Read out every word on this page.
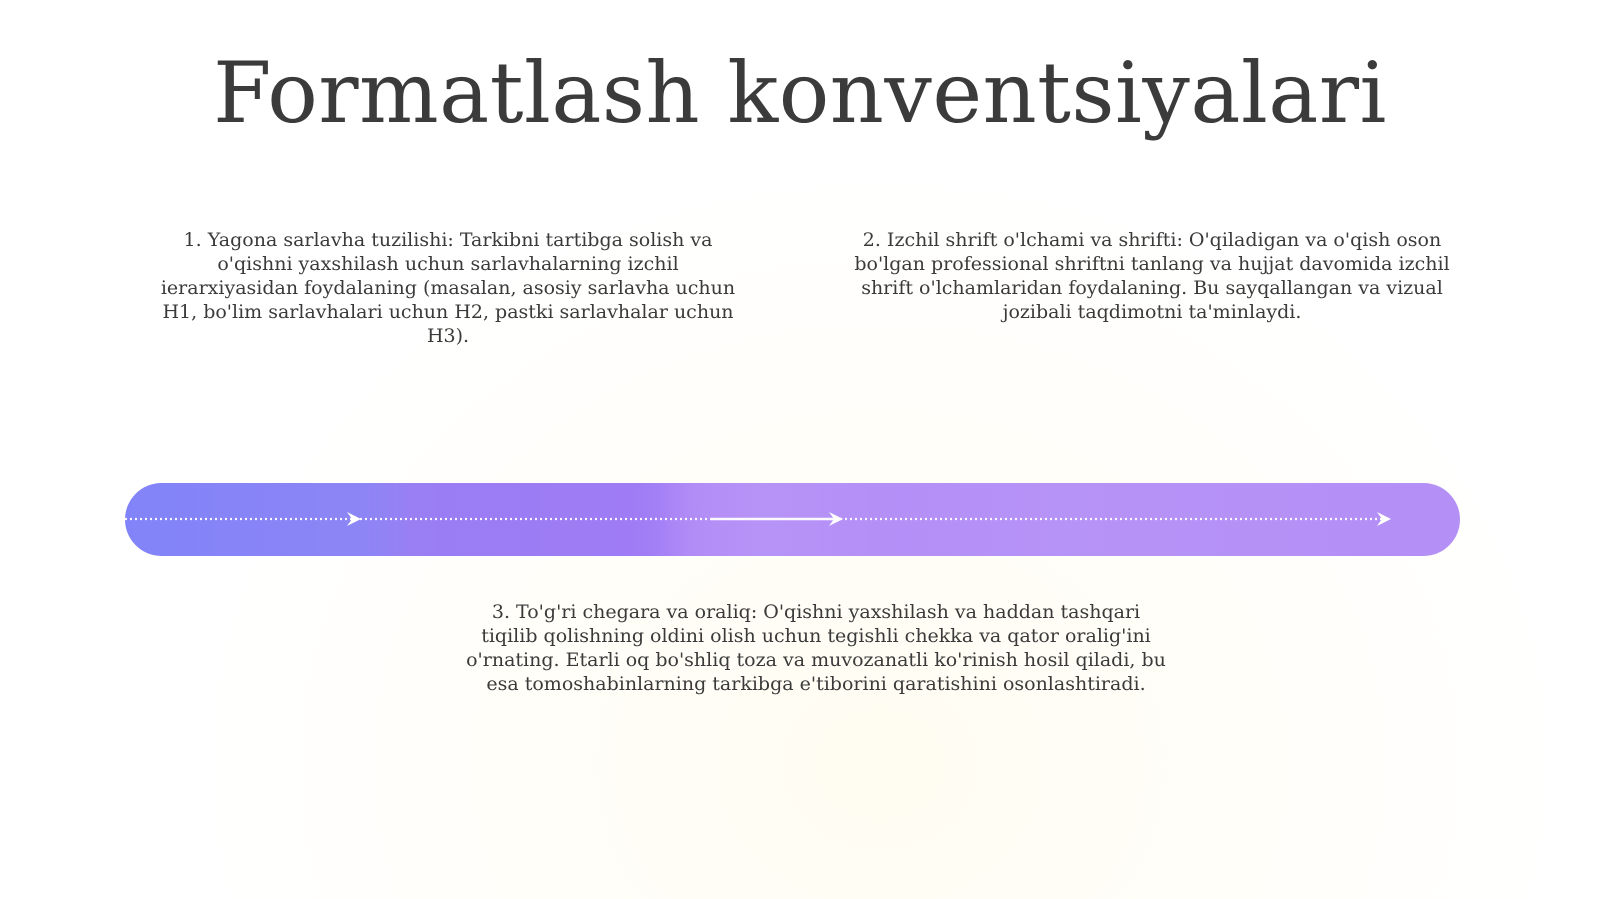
Formatlash konventsiyalari

1. Yagona sarlavha tuzilishi: Tarkibni tartibga solish va o'qishni yaxshilash uchun sarlavhalarning izchil ierarxiyasidan foydalaning (masalan, asosiy sarlavha uchun H1, bo'lim sarlavhalari uchun H2, pastki sarlavhalar uchun H3).

2. Izchil shrift o'lchami va shrifti: O'qiladigan va o'qish oson bo'lgan professional shriftni tanlang va hujjat davomida izchil shrift o'lchamlaridan foydalaning. Bu sayqallangan va vizual jozibali taqdimotni ta'minlaydi.

3. To'g'ri chegara va oraliq: O'qishni yaxshilash va haddan tashqari tiqilib qolishning oldini olish uchun tegishli chekka va qator oralig'ini o'rnating. Etarli oq bo'shliq toza va muvozanatli ko'rinish hosil qiladi, bu esa tomoshabinlarning tarkibga e'tiborini qaratishini osonlashtiradi.
